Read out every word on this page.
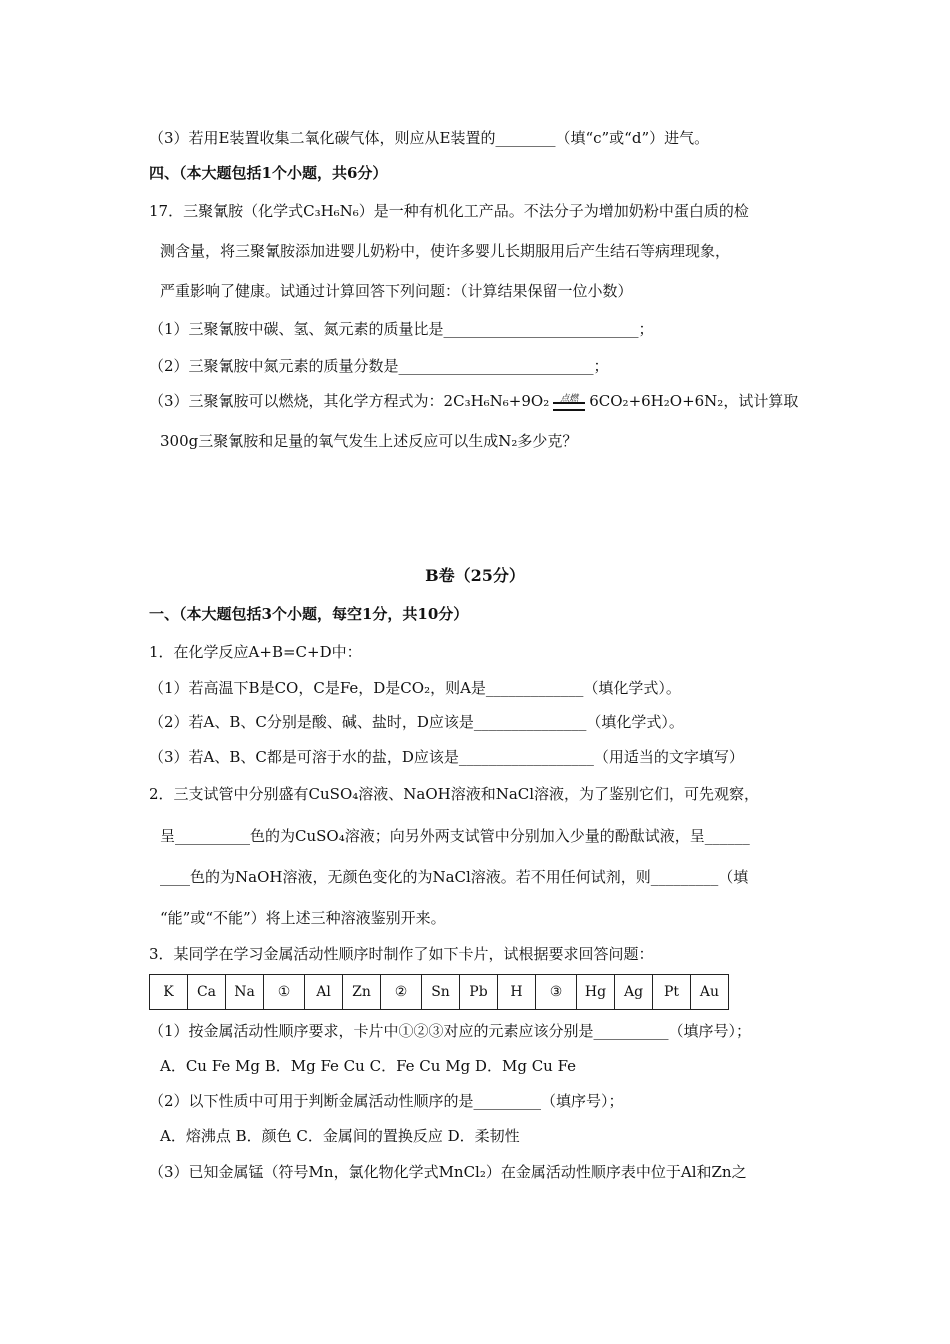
（3）若用E装置收集二氧化碳气体，则应从E装置的________（填“c”或“d”）进气。
四、（本大题包括1个小题，共6分）
17．三聚氰胺（化学式C₃H₆N₆）是一种有机化工产品。不法分子为增加奶粉中蛋白质的检
测含量，将三聚氰胺添加进婴儿奶粉中，使许多婴儿长期服用后产生结石等病理现象，
严重影响了健康。试通过计算回答下列问题：（计算结果保留一位小数）
（1）三聚氰胺中碳、氢、氮元素的质量比是__________________________；
（2）三聚氰胺中氮元素的质量分数是__________________________；
（3）三聚氰胺可以燃烧，其化学方程式为：2C₃H₆N₆+9O₂	点燃 6CO₂+6H₂O+6N₂，试计算取
300g三聚氰胺和足量的氧气发生上述反应可以生成N₂多少克？
B卷（25分）
一、（本大题包括3个小题，每空1分，共10分）
1．在化学反应A+B=C+D中：
（1）若高温下B是CO，C是Fe，D是CO₂，则A是_____________（填化学式）。
（2）若A、B、C分别是酸、碱、盐时，D应该是_______________（填化学式）。
（3）若A、B、C都是可溶于水的盐，D应该是__________________（用适当的文字填写）
2．三支试管中分别盛有CuSO₄溶液、NaOH溶液和NaCl溶液，为了鉴别它们，可先观察，
呈__________色的为CuSO₄溶液；向另外两支试管中分别加入少量的酚酞试液，呈______
____色的为NaOH溶液，无颜色变化的为NaCl溶液。若不用任何试剂，则_________（填
“能”或“不能”）将上述三种溶液鉴别开来。
3．某同学在学习金属活动性顺序时制作了如下卡片，试根据要求回答问题：
K	Ca	Na	①	Al	Zn	②	Sn	Pb	H	③	Hg	Ag	Pt	Au
（1）按金属活动性顺序要求，卡片中①②③对应的元素应该分别是__________（填序号）；
A．Cu Fe Mg B．Mg Fe Cu C．Fe Cu Mg D．Mg Cu Fe
（2）以下性质中可用于判断金属活动性顺序的是_________（填序号）；
A．熔沸点 B．颜色 C．金属间的置换反应 D．柔韧性
（3）已知金属锰（符号Mn，氯化物化学式MnCl₂）在金属活动性顺序表中位于Al和Zn之
